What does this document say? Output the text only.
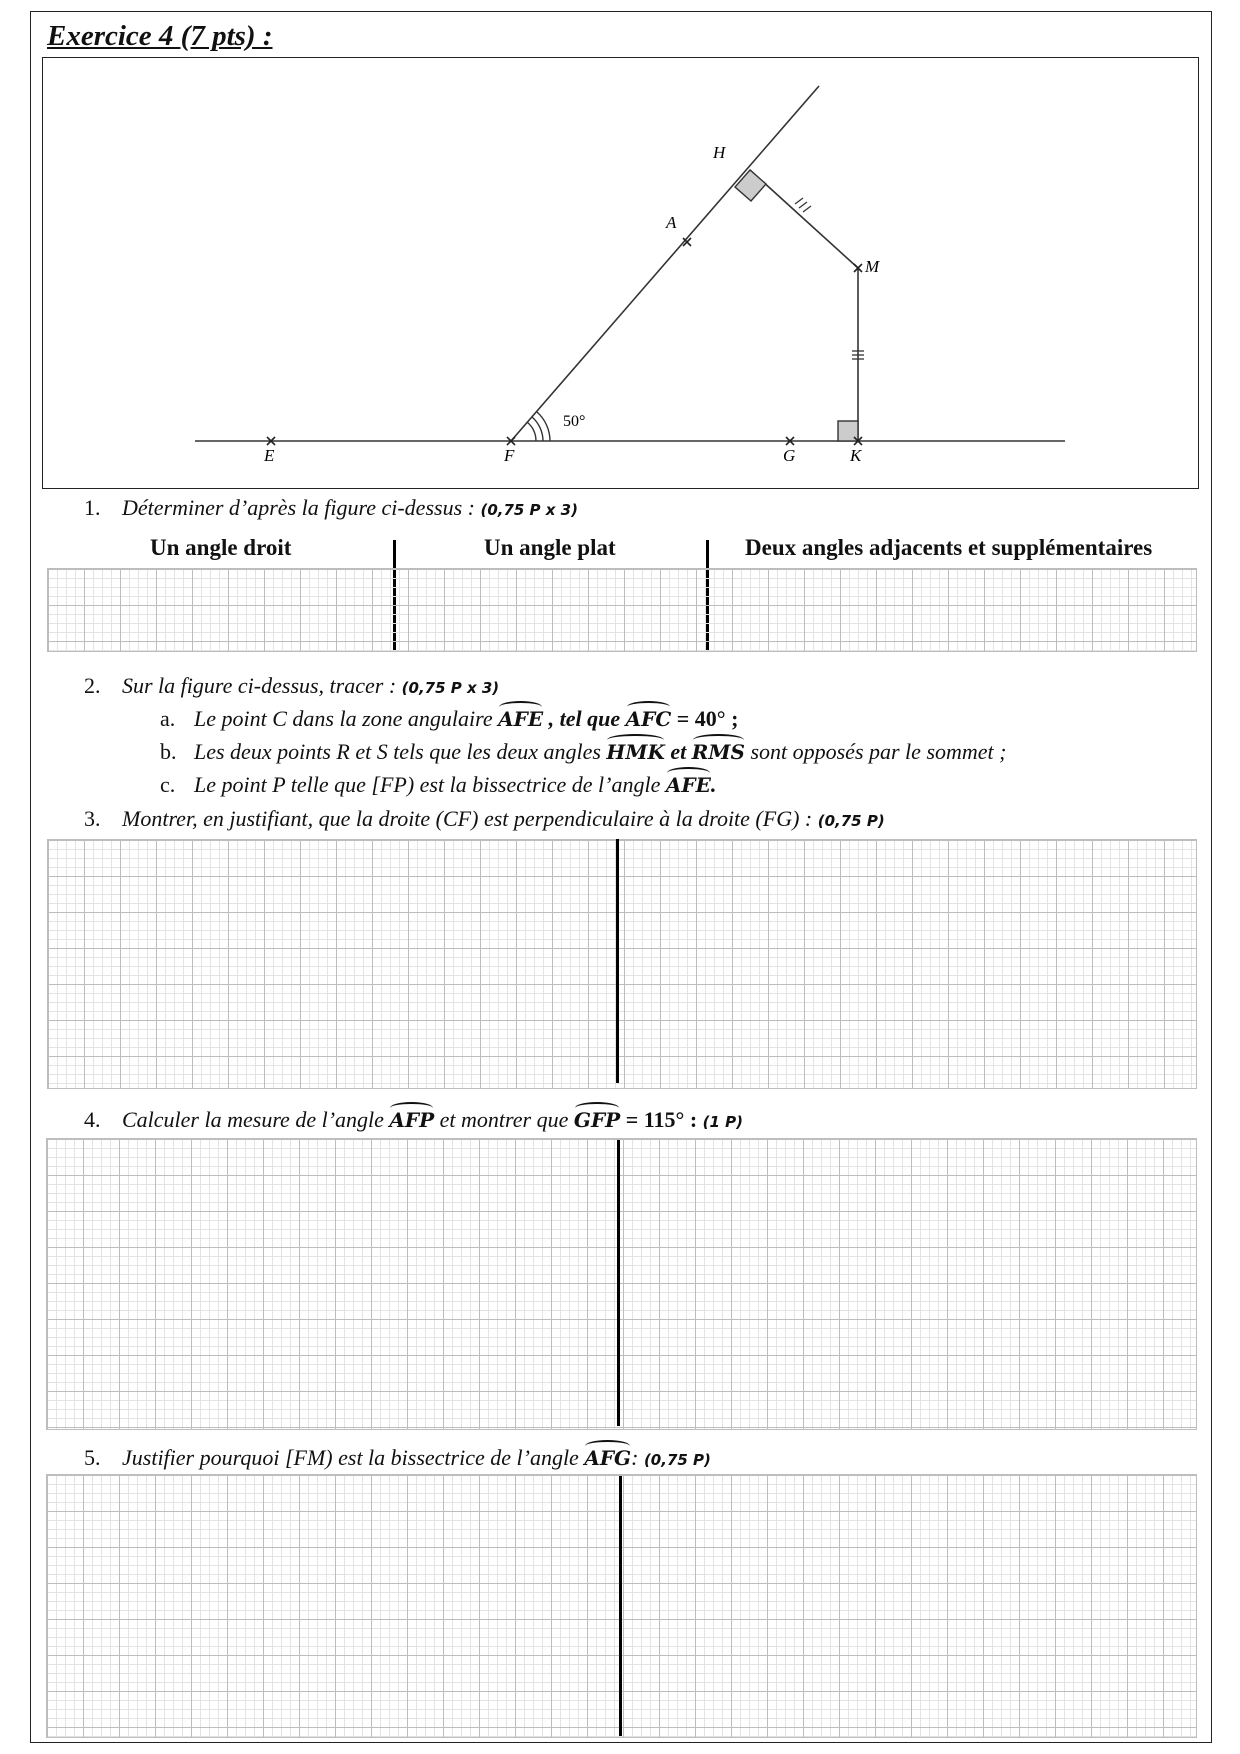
Exercice 4 (7 pts) :
E	F	G	K
A
H
M
50°
1. Déterminer d’après la figure ci-dessus : (0,75 P x 3)
Un angle droit	Un angle plat	Deux angles adjacents et supplémentaires
2. Sur la figure ci-dessus, tracer : (0,75 P x 3)
a. Le point C dans la zone angulaire AFE , tel que AFC = 40° ;
b. Les deux points R et S tels que les deux angles HMK et RMS sont opposés par le sommet ;
c. Le point P telle que [FP) est la bissectrice de l’angle AFE.
3. Montrer, en justifiant, que la droite (CF) est perpendiculaire à la droite (FG) : (0,75 P)
4. Calculer la mesure de l’angle AFP et montrer que GFP = 115° : (1 P)
5. Justifier pourquoi [FM) est la bissectrice de l’angle AFG: (0,75 P)
